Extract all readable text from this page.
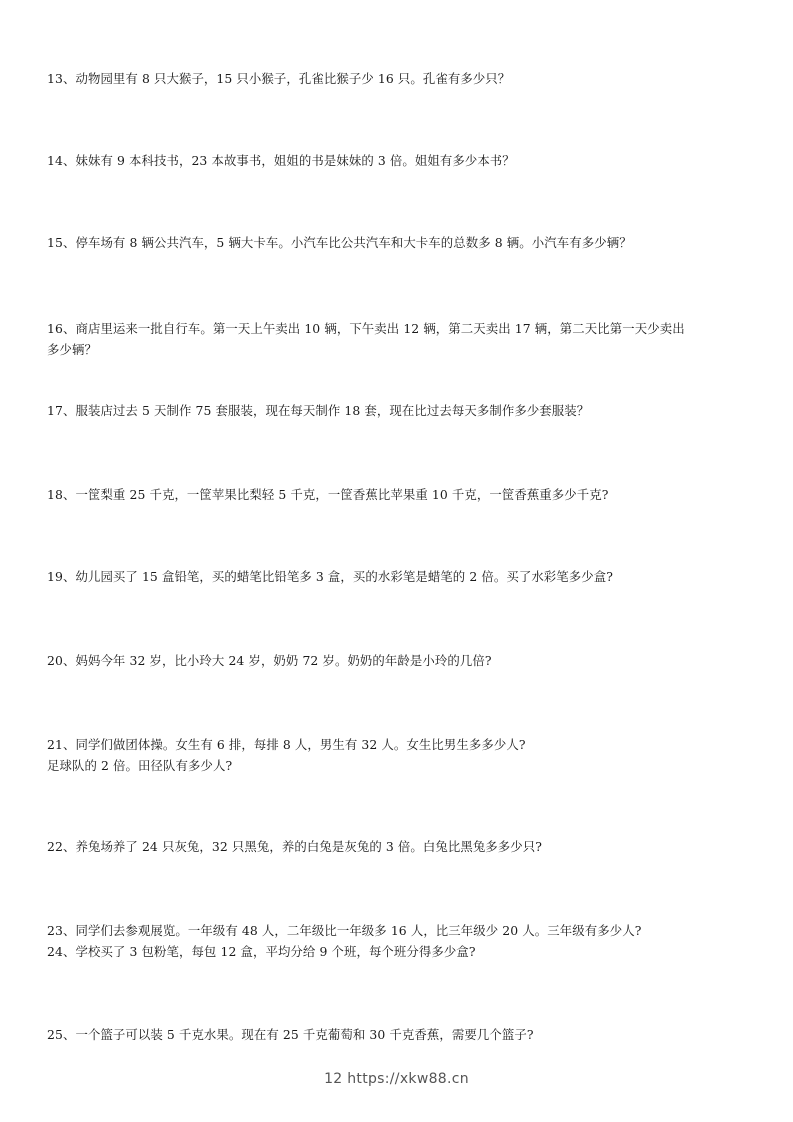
13、动物园里有 8 只大猴子，15 只小猴子，孔雀比猴子少 16 只。孔雀有多少只？
14、妹妹有 9 本科技书，23 本故事书，姐姐的书是妹妹的 3 倍。姐姐有多少本书？
15、停车场有 8 辆公共汽车，5 辆大卡车。小汽车比公共汽车和大卡车的总数多 8 辆。小汽车有多少辆？
16、商店里运来一批自行车。第一天上午卖出 10 辆，下午卖出 12 辆，第二天卖出 17 辆，第二天比第一天少卖出
多少辆？
17、服装店过去 5 天制作 75 套服装，现在每天制作 18 套，现在比过去每天多制作多少套服装？
18、一筐梨重 25 千克，一筐苹果比梨轻 5 千克，一筐香蕉比苹果重 10 千克，一筐香蕉重多少千克?
19、幼儿园买了 15 盒铅笔，买的蜡笔比铅笔多 3 盒，买的水彩笔是蜡笔的 2 倍。买了水彩笔多少盒?
20、妈妈今年 32 岁，比小玲大 24 岁，奶奶 72 岁。奶奶的年龄是小玲的几倍?
21、同学们做团体操。女生有 6 排，每排 8 人，男生有 32 人。女生比男生多多少人?
足球队的 2 倍。田径队有多少人?
22、养兔场养了 24 只灰兔，32 只黑兔，养的白兔是灰兔的 3 倍。白兔比黑兔多多少只?
23、同学们去参观展览。一年级有 48 人，二年级比一年级多 16 人，比三年级少 20 人。三年级有多少人?
24、学校买了 3 包粉笔，每包 12 盒，平均分给 9 个班，每个班分得多少盒?
25、一个篮子可以装 5 千克水果。现在有 25 千克葡萄和 30 千克香蕉，需要几个篮子?
12 https://xkw88.cn
